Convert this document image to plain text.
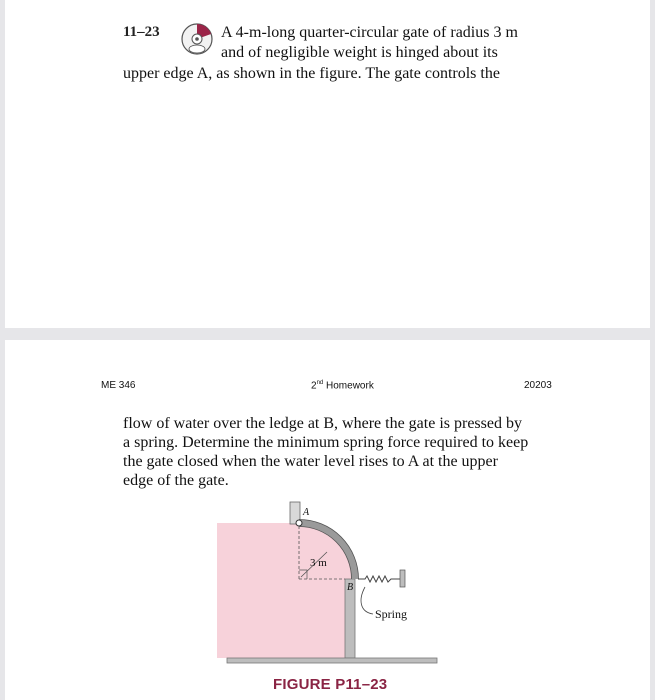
11–23	A 4-m-long quarter-circular gate of radius 3 m
and of negligible weight is hinged about its
upper edge A, as shown in the figure. The gate controls the
ME 346	2nd Homework	20203
flow of water over the ledge at B, where the gate is pressed by
a spring. Determine the minimum spring force required to keep
the gate closed when the water level rises to A at the upper
edge of the gate.
A
B
3 m
Spring
FIGURE P11–23
